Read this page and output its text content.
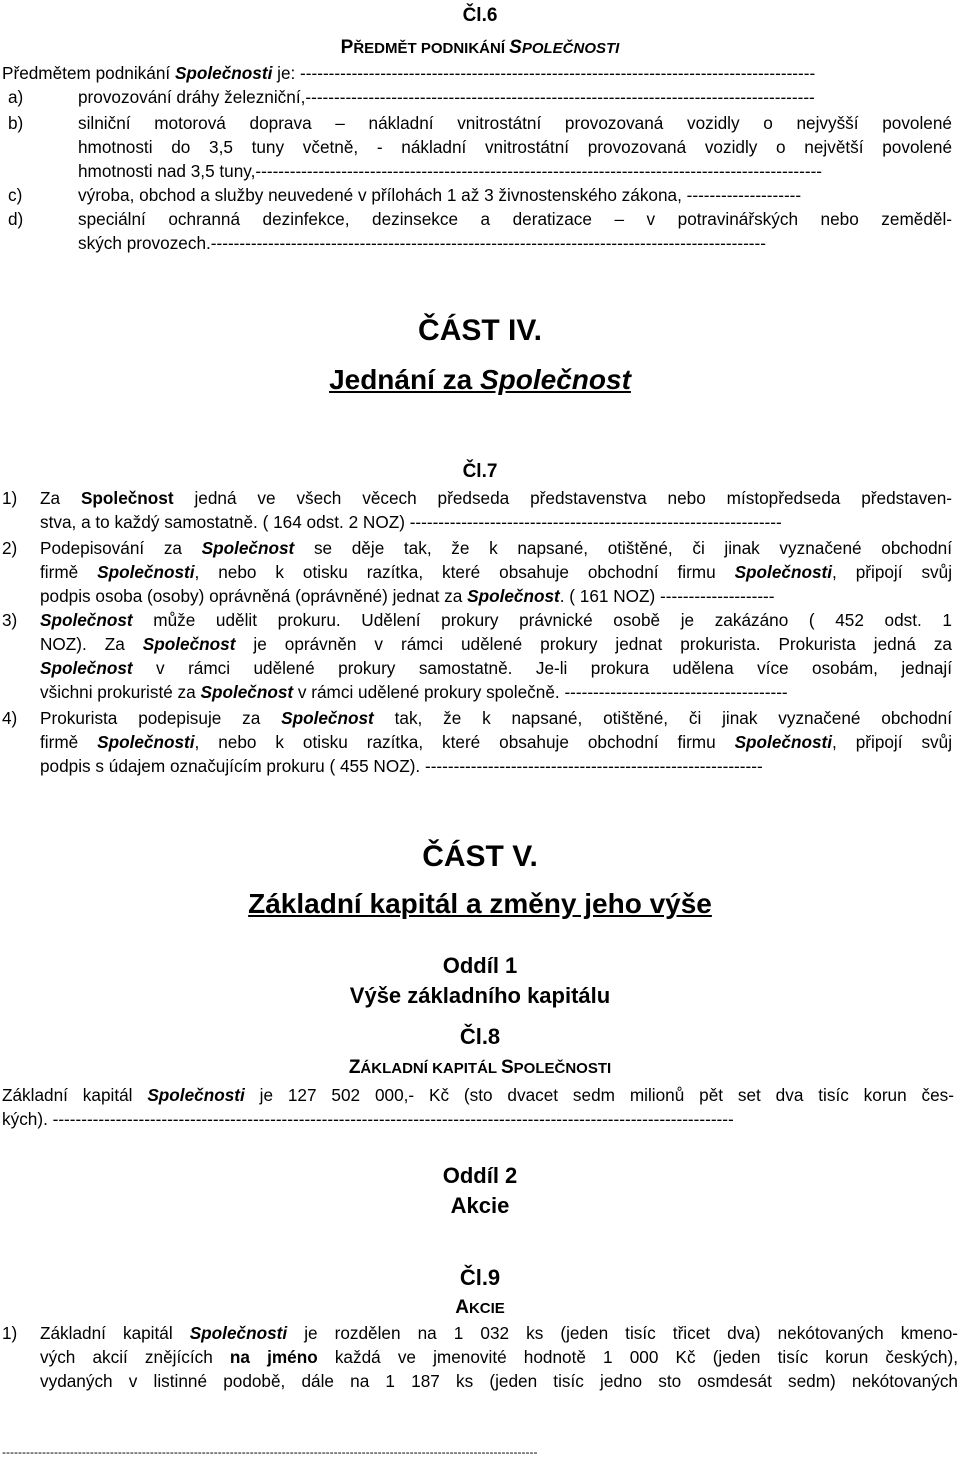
Čl.6
PŘEDMĚT PODNIKÁNÍ SPOLEČNOSTI
Předmětem podnikání Společnosti je: ------------------------------------------------------------------------------------------
a)	provozování dráhy železniční,-----------------------------------------------------------------------------------------
b)	silniční motorová doprava – nákladní vnitrostátní provozovaná vozidly o nejvyšší povolené
hmotnosti do 3,5 tuny včetně, - nákladní vnitrostátní provozovaná vozidly o největší povolené
hmotnosti nad 3,5 tuny,---------------------------------------------------------------------------------------------------
c)	výroba, obchod a služby neuvedené v přílohách 1 až 3 živnostenského zákona, --------------------
d)	speciální ochranná dezinfekce, dezinsekce a deratizace – v potravinářských nebo zeměděl-
ských provozech.-------------------------------------------------------------------------------------------------
ČÁST IV.
Jednání za Společnost
Čl.7
1) Za Společnost jedná ve všech věcech předseda představenstva nebo místopředseda představen-
stva, a to každý samostatně. ( 164 odst. 2 NOZ) -----------------------------------------------------------------
2) Podepisování za Společnost se děje tak, že k napsané, otištěné, či jinak vyznačené obchodní
firmě Společnosti, nebo k otisku razítka, které obsahuje obchodní firmu Společnosti, připojí svůj
podpis osoba (osoby) oprávněná (oprávněné) jednat za Společnost. ( 161 NOZ) --------------------
3) Společnost může udělit prokuru. Udělení prokury právnické osobě je zakázáno ( 452 odst. 1
NOZ). Za Společnost je oprávněn v rámci udělené prokury jednat prokurista. Prokurista jedná za
Společnost v rámci udělené prokury samostatně. Je-li prokura udělena více osobám, jednají
všichni prokuristé za Společnost v rámci udělené prokury společně. ---------------------------------------
4) Prokurista podepisuje za Společnost tak, že k napsané, otištěné, či jinak vyznačené obchodní
firmě Společnosti, nebo k otisku razítka, které obsahuje obchodní firmu Společnosti, připojí svůj
podpis s údajem označujícím prokuru ( 455 NOZ). -----------------------------------------------------------
ČÁST V.
Základní kapitál a změny jeho výše
Oddíl 1
Výše základního kapitálu
Čl.8
ZÁKLADNÍ KAPITÁL SPOLEČNOSTI
Základní kapitál Společnosti je 127 502 000,- Kč (sto dvacet sedm milionů pět set dva tisíc korun čes-
kých). -----------------------------------------------------------------------------------------------------------------------
Oddíl 2
Akcie
Čl.9
AKCIE
1) Základní kapitál Společnosti je rozdělen na 1 032 ks (jeden tisíc třicet dva) nekótovaných kmeno-
vých akcií znějících na jméno každá ve jmenovité hodnotě 1 000 Kč (jeden tisíc korun českých),
vydaných v listinné podobě, dále na 1 187 ks (jeden tisíc jedno sto osmdesát sedm) nekótovaných
--------------------------------------------------------------------------------------------------------------------------------------
